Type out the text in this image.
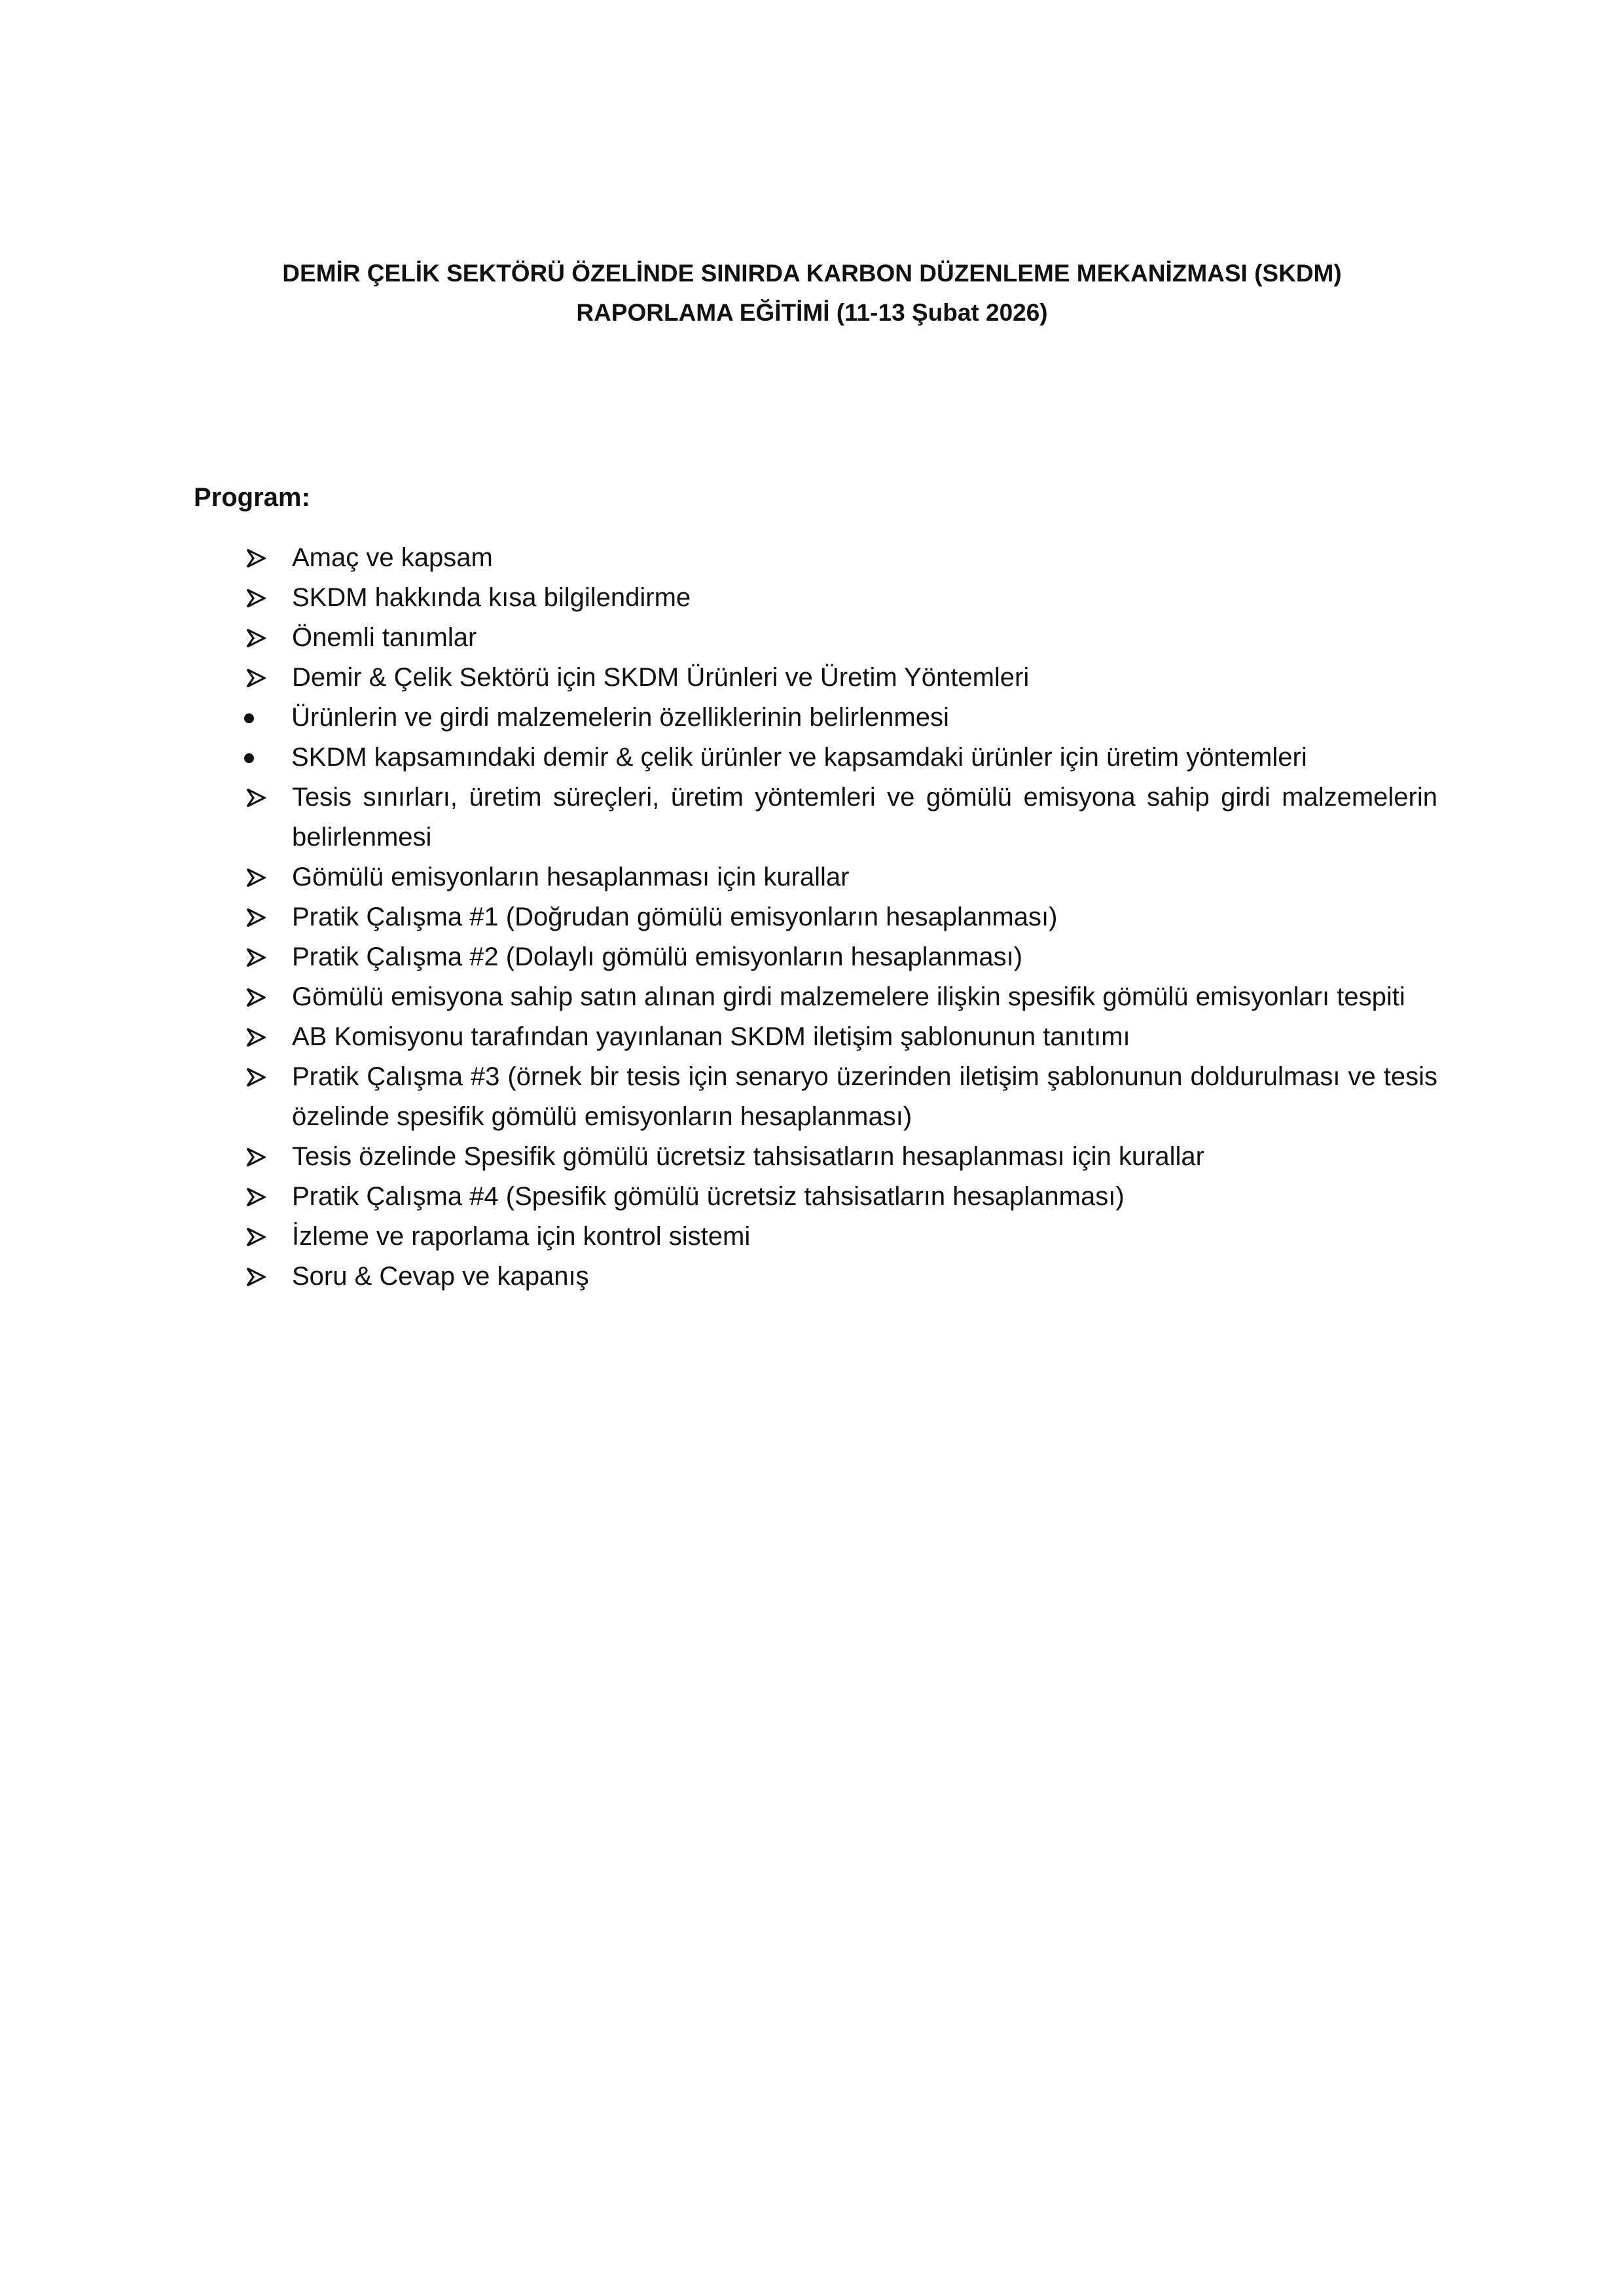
DEMİR ÇELİK SEKTÖRÜ ÖZELİNDE SINIRDA KARBON DÜZENLEME MEKANİZMASI (SKDM)
RAPORLAMA EĞİTİMİ (11-13 Şubat 2026)
Program:
Amaç ve kapsam
SKDM hakkında kısa bilgilendirme
Önemli tanımlar
Demir & Çelik Sektörü için SKDM Ürünleri ve Üretim Yöntemleri
Ürünlerin ve girdi malzemelerin özelliklerinin belirlenmesi
SKDM kapsamındaki demir & çelik ürünler ve kapsamdaki ürünler için üretim yöntemleri
Tesis sınırları, üretim süreçleri, üretim yöntemleri ve gömülü emisyona sahip girdi malzemelerin belirlenmesi
Gömülü emisyonların hesaplanması için kurallar
Pratik Çalışma #1 (Doğrudan gömülü emisyonların hesaplanması)
Pratik Çalışma #2 (Dolaylı gömülü emisyonların hesaplanması)
Gömülü emisyona sahip satın alınan girdi malzemelere ilişkin spesifik gömülü emisyonları tespiti
AB Komisyonu tarafından yayınlanan SKDM iletişim şablonunun tanıtımı
Pratik Çalışma #3 (örnek bir tesis için senaryo üzerinden iletişim şablonunun doldurulması ve tesis özelinde spesifik gömülü emisyonların hesaplanması)
Tesis özelinde Spesifik gömülü ücretsiz tahsisatların hesaplanması için kurallar
Pratik Çalışma #4 (Spesifik gömülü ücretsiz tahsisatların hesaplanması)
İzleme ve raporlama için kontrol sistemi
Soru & Cevap ve kapanış
